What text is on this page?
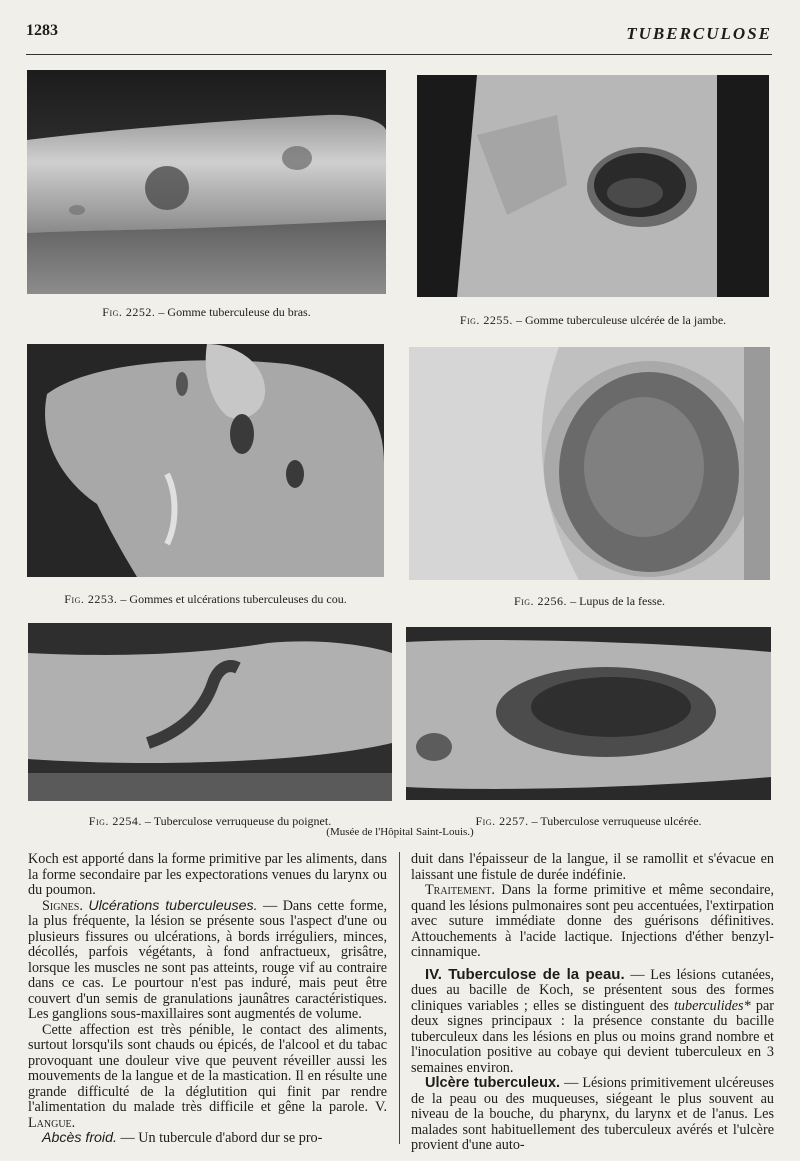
1283	TUBERCULOSE
Fig. 2252. – Gomme tuberculeuse du bras.
Fig. 2255. – Gomme tuberculeuse ulcérée de la jambe.
Fig. 2253. – Gommes et ulcérations tuberculeuses du cou.	Fig. 2256. – Lupus de la fesse.
Fig. 2254. – Tuberculose verruqueuse du poignet.	Fig. 2257. – Tuberculose verruqueuse ulcérée.
(Musée de l'Hôpital Saint-Louis.)

Koch est apporté dans la forme primitive par les aliments, dans la forme secondaire par les expectorations venues du larynx ou du poumon.

Signes. Ulcérations tuberculeuses. — Dans cette forme, la plus fréquente, la lésion se présente sous l'aspect d'une ou plusieurs fissures ou ulcérations, à bords irréguliers, minces, décollés, parfois végétants, à fond anfractueux, grisâtre, lorsque les muscles ne sont pas atteints, rouge vif au contraire dans ce cas. Le pourtour n'est pas induré, mais peut être couvert d'un semis de granulations jaunâtres caractéristiques. Les ganglions sous-maxillaires sont augmentés de volume.

Cette affection est très pénible, le contact des aliments, surtout lorsqu'ils sont chauds ou épicés, de l'alcool et du tabac provoquant une douleur vive que peuvent réveiller aussi les mouvements de la langue et de la mastication. Il en résulte une grande difficulté de la déglutition qui finit par rendre l'alimentation du malade très difficile et gêne la parole. V. Langue.

Abcès froid. — Un tubercule d'abord dur se pro-

duit dans l'épaisseur de la langue, il se ramollit et s'évacue en laissant une fistule de durée indéfinie.

Traitement. Dans la forme primitive et même secondaire, quand les lésions pulmonaires sont peu accentuées, l'extirpation avec suture immédiate donne des guérisons définitives. Attouchements à l'acide lactique. Injections d'éther benzyl-cinnamique.

IV. Tuberculose de la peau. — Les lésions cutanées, dues au bacille de Koch, se présentent sous des formes cliniques variables ; elles se distinguent des tuberculides* par deux signes principaux : la présence constante du bacille tuberculeux dans les lésions en plus ou moins grand nombre et l'inoculation positive au cobaye qui devient tuberculeux en 3 semaines environ.

Ulcère tuberculeux. — Lésions primitivement ulcéreuses de la peau ou des muqueuses, siégeant le plus souvent au niveau de la bouche, du pharynx, du larynx et de l'anus. Les malades sont habituellement des tuberculeux avérés et l'ulcère provient d'une auto-
